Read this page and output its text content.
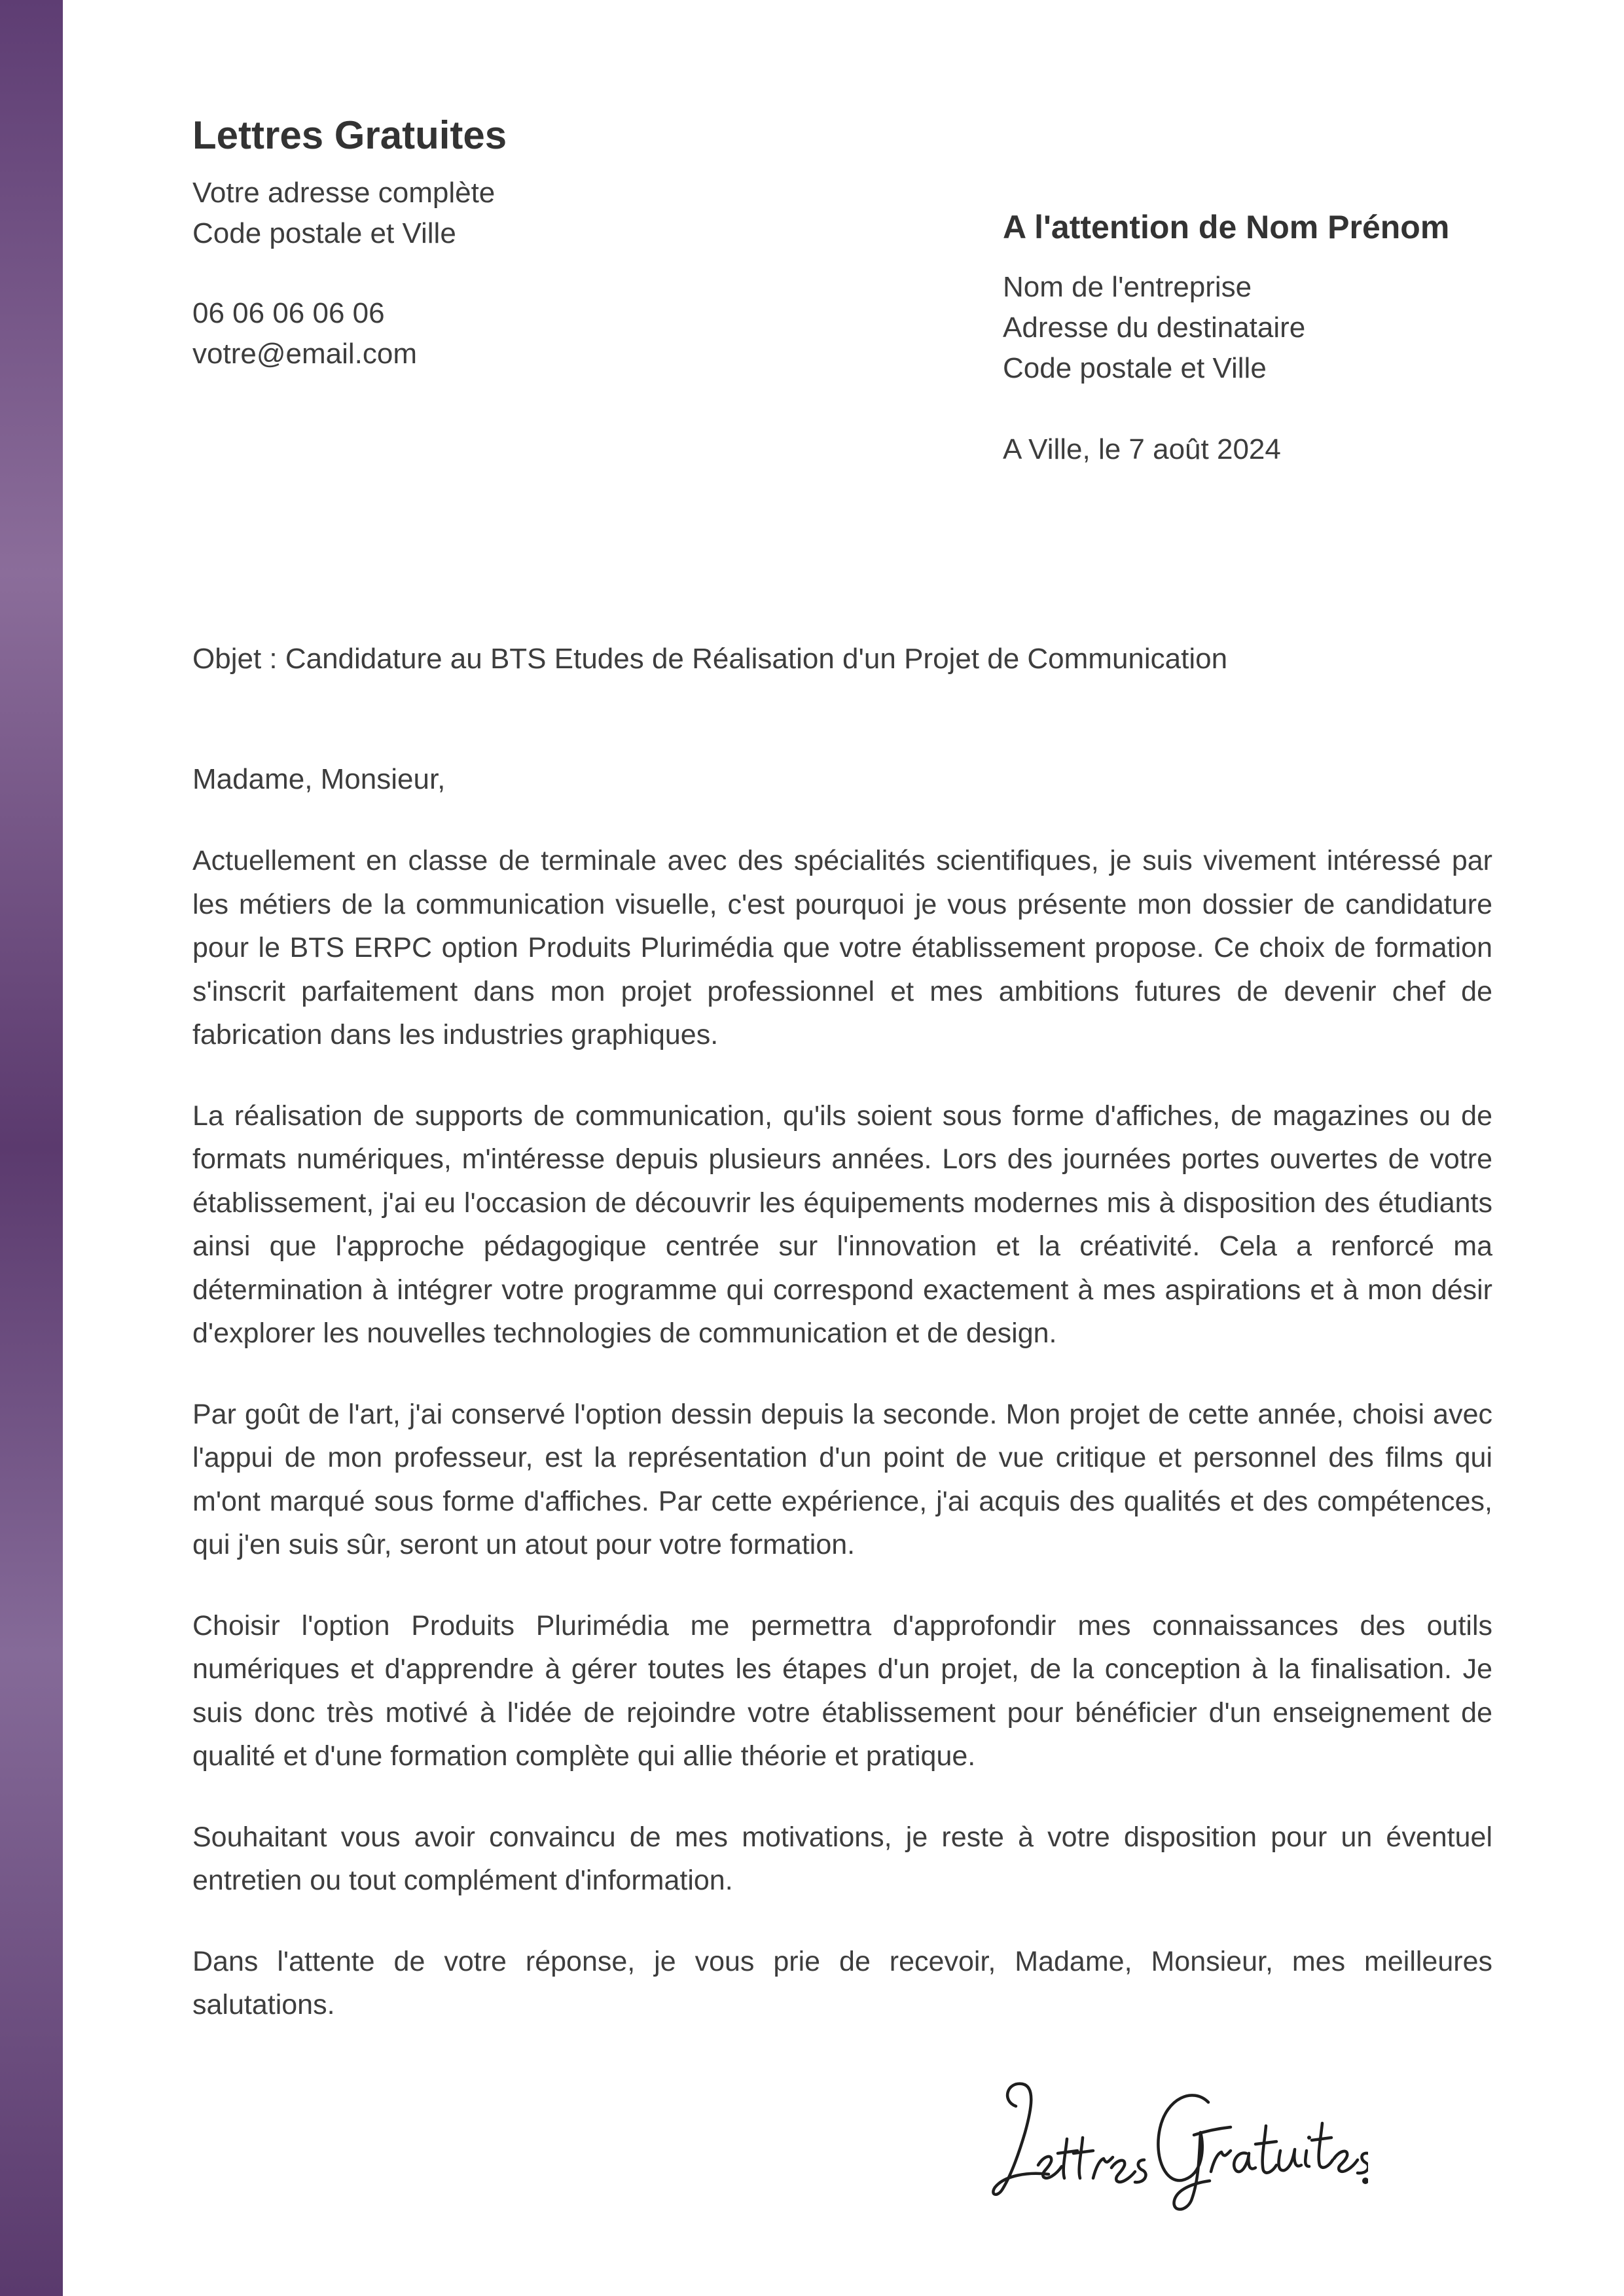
Lettres Gratuites
Votre adresse complète
Code postale et Ville
06 06 06 06 06
votre@email.com
A l'attention de Nom Prénom
Nom de l'entreprise
Adresse du destinataire
Code postale et Ville
A Ville, le 7 août 2024
Objet : Candidature au BTS Etudes de Réalisation d'un Projet de Communication
Madame, Monsieur,

Actuellement en classe de terminale avec des spécialités scientifiques, je suis vivement intéressé par les métiers de la communication visuelle, c'est pourquoi je vous présente mon dossier de candidature pour le BTS ERPC option Produits Plurimédia que votre établissement propose. Ce choix de formation s'inscrit parfaitement dans mon projet professionnel et mes ambitions futures de devenir chef de fabrication dans les industries graphiques.

La réalisation de supports de communication, qu'ils soient sous forme d'affiches, de magazines ou de formats numériques, m'intéresse depuis plusieurs années. Lors des journées portes ouvertes de votre établissement, j'ai eu l'occasion de découvrir les équipements modernes mis à disposition des étudiants ainsi que l'approche pédagogique centrée sur l'innovation et la créativité. Cela a renforcé ma détermination à intégrer votre programme qui correspond exactement à mes aspirations et à mon désir d'explorer les nouvelles technologies de communication et de design.

Par goût de l'art, j'ai conservé l'option dessin depuis la seconde. Mon projet de cette année, choisi avec l'appui de mon professeur, est la représentation d'un point de vue critique et personnel des films qui m'ont marqué sous forme d'affiches. Par cette expérience, j'ai acquis des qualités et des compétences, qui j'en suis sûr, seront un atout pour votre formation.

Choisir l'option Produits Plurimédia me permettra d'approfondir mes connaissances des outils numériques et d'apprendre à gérer toutes les étapes d'un projet, de la conception à la finalisation. Je suis donc très motivé à l'idée de rejoindre votre établissement pour bénéficier d'un enseignement de qualité et d'une formation complète qui allie théorie et pratique.

Souhaitant vous avoir convaincu de mes motivations, je reste à votre disposition pour un éventuel entretien ou tout complément d'information.

Dans l'attente de votre réponse, je vous prie de recevoir, Madame, Monsieur, mes meilleures salutations.
